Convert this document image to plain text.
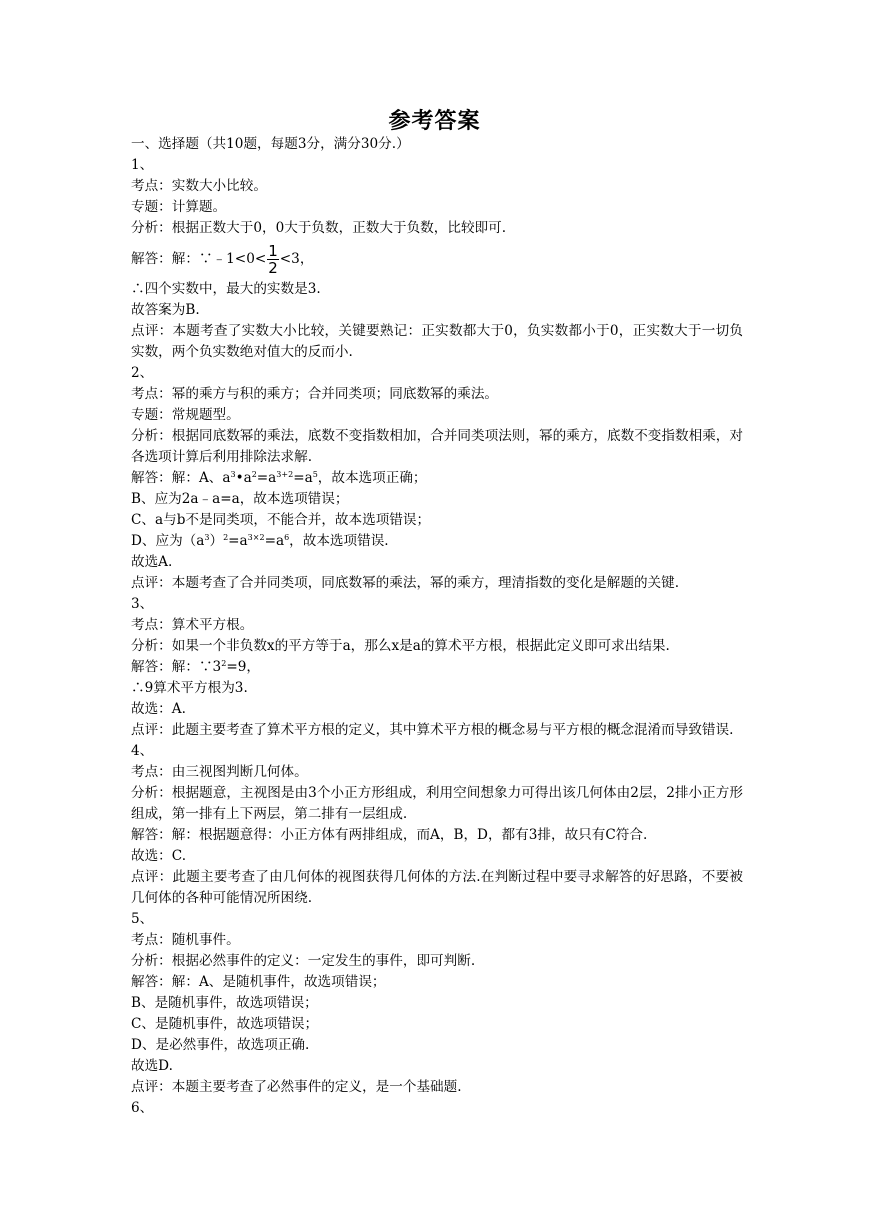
参考答案
一、选择题（共10题，每题3分，满分30分.）
1、
考点：实数大小比较。
专题：计算题。
分析：根据正数大于0，0大于负数，正数大于负数，比较即可.
解答：解：∵﹣1<0< $\frac{1}{2} <3$，
∴四个实数中，最大的实数是3.
故答案为B.
点评：本题考查了实数大小比较，关键要熟记：正实数都大于0，负实数都小于0，正实数大于一切负实数，两个负实数绝对值大的反而小.
2、
考点：幂的乘方与积的乘方；合并同类项；同底数幂的乘法。
专题：常规题型。
分析：根据同底数幂的乘法，底数不变指数相加，合并同类项法则，幂的乘方，底数不变指数相乘，对各选项计算后利用排除法求解.
解答：解：A、$a^3•a^2=a^{3+2}=a^5$，故本选项正确；
B、应为2a﹣a=a，故本选项错误；
C、a与b不是同类项，不能合并，故本选项错误；
D、应为$(a^3)^2=a^{3\times 2}=a^6$，故本选项错误.
故选A.
点评：本题考查了合并同类项，同底数幂的乘法，幂的乘方，理清指数的变化是解题的关键.
3、
考点：算术平方根。
分析：如果一个非负数x的平方等于a，那么x是a的算术平方根，根据此定义即可求出结果.
解答：解：$\because 3^2=9$，
∴9算术平方根为3.
故选：A.
点评：此题主要考查了算术平方根的定义，其中算术平方根的概念易与平方根的概念混淆而导致错误.
4、
考点：由三视图判断几何体。
分析：根据题意，主视图是由3个小正方形组成，利用空间想象力可得出该几何体由2层，2排小正方形组成，第一排有上下两层，第二排有一层组成.
解答：解：根据题意得：小正方体有两排组成，而A，B，D，都有3排，故只有C符合.
故选：C.
点评：此题主要考查了由几何体的视图获得几何体的方法.在判断过程中要寻求解答的好思路，不要被几何体的各种可能情况所困绕.
5、
考点：随机事件。
分析：根据必然事件的定义：一定发生的事件，即可判断.
解答：解：A、是随机事件，故选项错误；
B、是随机事件，故选项错误；
C、是随机事件，故选项错误；
D、是必然事件，故选项正确.
故选D.
点评：本题主要考查了必然事件的定义，是一个基础题.
6、
